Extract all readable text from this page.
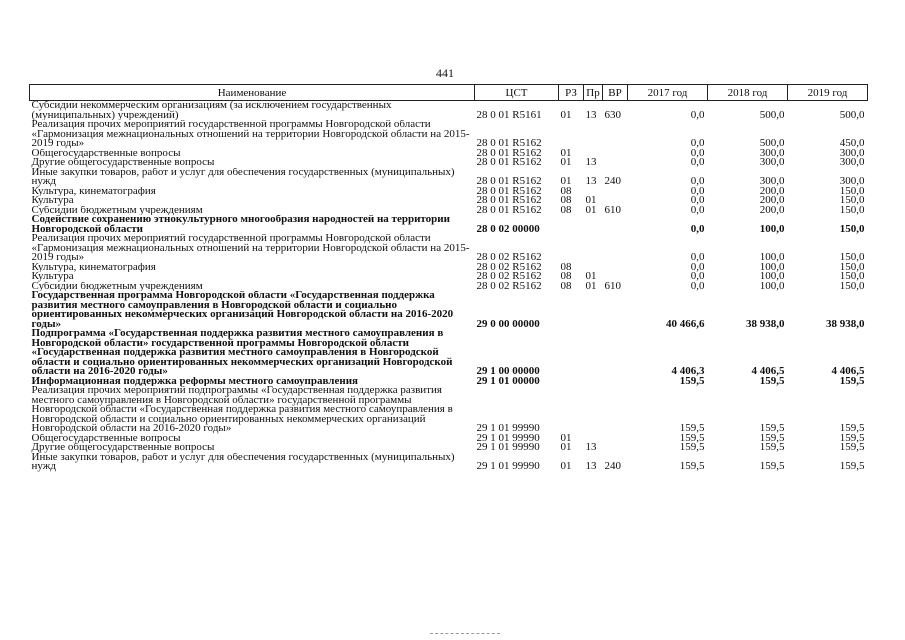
441
Наименование	ЦСТ	РЗ	Пр	ВР	2017 год	2018 год	2019 год
Субсидии некоммерческим организациям (за исключением государственных (муниципальных) учреждений)	28 0 01 R5161	01	13	630	0,0	500,0	500,0
Реализация прочих мероприятий государственной программы Новгородской области «Гармонизация межнациональных отношений на территории Новгородской области на 2015-2019 годы»	28 0 01 R5162				0,0	500,0	450,0
Общегосударственные вопросы	28 0 01 R5162	01			0,0	300,0	300,0
Другие общегосударственные вопросы	28 0 01 R5162	01	13		0,0	300,0	300,0
Иные закупки товаров, работ и услуг для обеспечения государственных (муниципальных) нужд	28 0 01 R5162	01	13	240	0,0	300,0	300,0
Культура, кинематография	28 0 01 R5162	08			0,0	200,0	150,0
Культура	28 0 01 R5162	08	01		0,0	200,0	150,0
Субсидии бюджетным учреждениям	28 0 01 R5162	08	01	610	0,0	200,0	150,0
Содействие сохранению этнокультурного многообразия народностей на территории Новгородской области	28 0 02 00000				0,0	100,0	150,0
Реализация прочих мероприятий государственной программы Новгородской области «Гармонизация межнациональных отношений на территории Новгородской области на 2015-2019 годы»	28 0 02 R5162				0,0	100,0	150,0
Культура, кинематография	28 0 02 R5162	08			0,0	100,0	150,0
Культура	28 0 02 R5162	08	01		0,0	100,0	150,0
Субсидии бюджетным учреждениям	28 0 02 R5162	08	01	610	0,0	100,0	150,0
Государственная программа Новгородской области «Государственная поддержка развития местного самоуправления в Новгородской области и социально ориентированных некоммерческих организаций Новгородской области на 2016-2020 годы»	29 0 00 00000				40 466,6	38 938,0	38 938,0
Подпрограмма «Государственная поддержка развития местного самоуправления в Новгородской области» государственной программы Новгородской области «Государственная поддержка развития местного самоуправления в Новгородской области и социально ориентированных некоммерческих организаций Новгородской области на 2016-2020 годы»	29 1 00 00000				4 406,3	4 406,5	4 406,5
Информационная поддержка реформы местного самоуправления	29 1 01 00000				159,5	159,5	159,5
Реализация прочих мероприятий подпрограммы «Государственная поддержка развития местного самоуправления в Новгородской области» государственной программы Новгородской области «Государственная поддержка развития местного самоуправления в Новгородской области и социально ориентированных некоммерческих организаций Новгородской области на 2016-2020 годы»	29 1 01 99990				159,5	159,5	159,5
Общегосударственные вопросы	29 1 01 99990	01			159,5	159,5	159,5
Другие общегосударственные вопросы	29 1 01 99990	01	13		159,5	159,5	159,5
Иные закупки товаров, работ и услуг для обеспечения государственных (муниципальных) нужд	29 1 01 99990	01	13	240	159,5	159,5	159,5
